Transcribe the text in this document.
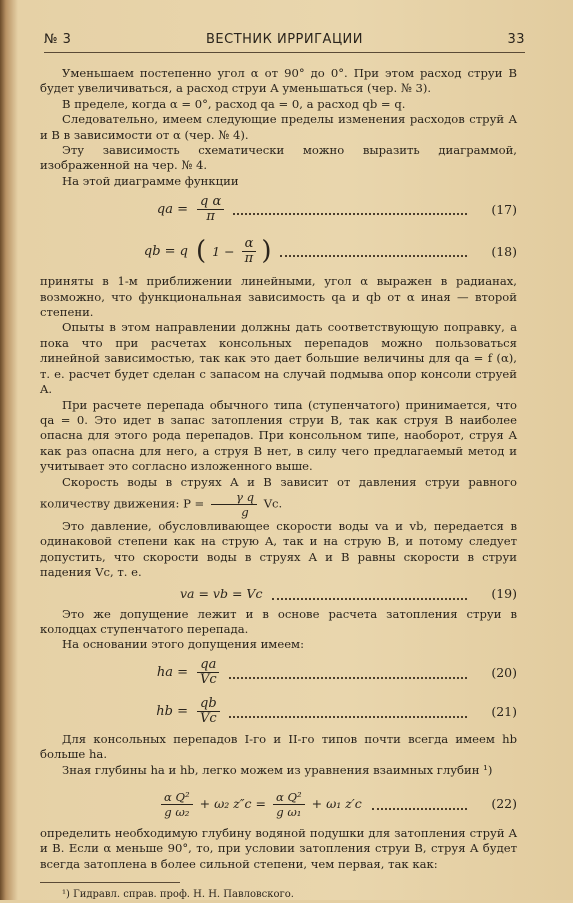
№ 3	ВЕСТНИК ИРРИГАЦИИ	33

Уменьшаем постепенно угол α от 90° до 0°. При этом расход струи B будет увеличиваться, а расход струи A уменьшаться (чер. № 3).

В пределе, когда α = 0°, расход qa = 0, а расход qb = q.

Следовательно, имеем следующие пределы изменения расходов струй A и B в зависимости от α (чер. № 4).

Эту зависимость схематически можно выразить диаграммой, изображенной на чер. № 4.

На этой диаграмме функции

qa = $\frac{\text{q α}}{\pi}$	(17)
qb = q ( $1 - \frac{\alpha}{\pi}$ )	(18)

приняты в 1-м приближении линейными, угол α выражен в радианах, возможно, что функциональная зависимость qa и qb от α иная — второй степени.

Опыты в этом направлении должны дать соответствующую поправку, а пока что при расчетах консольных перепадов можно пользоваться линейной зависимостью, так как это дает большие величины для qa = f (α), т. е. расчет будет сделан с запасом на случай подмыва опор консоли струей A.

При расчете перепада обычного типа (ступенчатого) принимается, что qa = 0. Это идет в запас затопления струи B, так как струя B наиболее опасна для этого рода перепадов. При консольном типе, наоборот, струя A как раз опасна для него, а струя B нет, в силу чего предлагаемый метод и учитывает это согласно изложенного выше.

Скорость воды в струях A и B зависит от давления струи равного количеству движения: $P = \frac{\text{γ q}}{g} Vc$.

Это давление, обусловливающее скорости воды va и vb, передается в одинаковой степени как на струю A, так и на струю B, и потому следует допустить, что скорости воды в струях A и B равны скорости в струи падения Vc, т. е.

va = vb = Vc	(19)

Это же допущение лежит и в основе расчета затопления струи в колодцах ступенчатого перепада.

На основании этого допущения имеем:

ha = $\frac{qa}{Vc}$	(20)
hb = $\frac{qb}{Vc}$	(21)

Для консольных перепадов I-го и II-го типов почти всегда имеем hb больше ha.

Зная глубины ha и hb, легко можем из уравнения взаимных глубин ¹)

$\frac{\text{α Q²}}{\text{g ω₂}} + \omega_2$ $z''c = \frac{\text{α Q²}}{\text{g ω₁}} + \omega_1$ z′c	(22)

определить необходимую глубину водяной подушки для затопления струй A и B. Если α меньше 90°, то, при условии затопления струи B, струя A будет всегда затоплена в более сильной степени, чем первая, так как:

¹) Гидравл. справ. проф. Н. Н. Павловского.
